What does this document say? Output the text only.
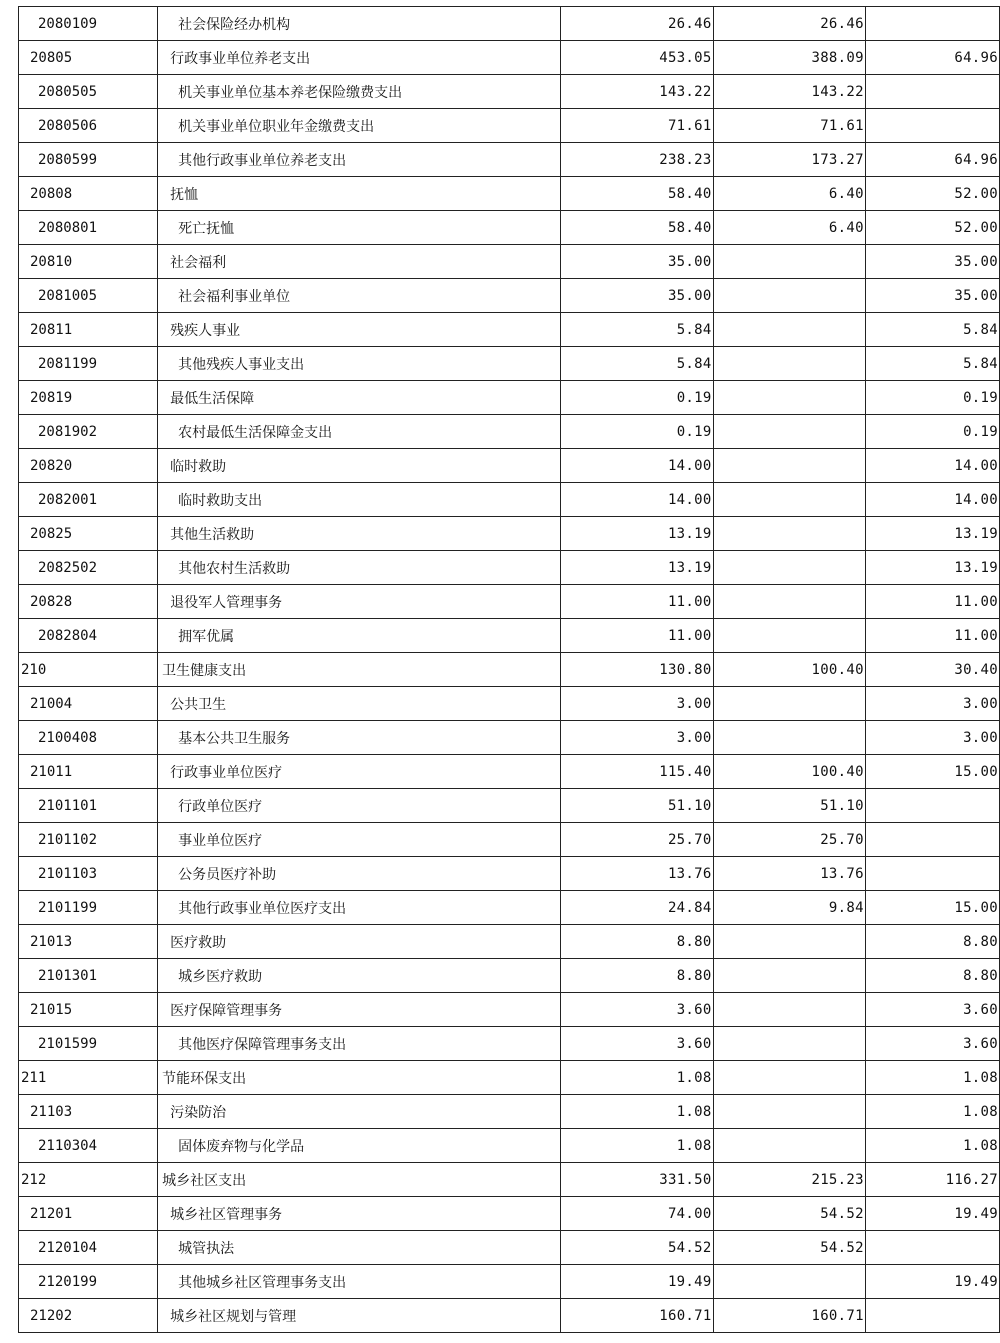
2080109	社会保险经办机构	26.46	26.46	
20805	行政事业单位养老支出	453.05	388.09	64.96
2080505	机关事业单位基本养老保险缴费支出	143.22	143.22	
2080506	机关事业单位职业年金缴费支出	71.61	71.61	
2080599	其他行政事业单位养老支出	238.23	173.27	64.96
20808	抚恤	58.40	6.40	52.00
2080801	死亡抚恤	58.40	6.40	52.00
20810	社会福利	35.00		35.00
2081005	社会福利事业单位	35.00		35.00
20811	残疾人事业	5.84		5.84
2081199	其他残疾人事业支出	5.84		5.84
20819	最低生活保障	0.19		0.19
2081902	农村最低生活保障金支出	0.19		0.19
20820	临时救助	14.00		14.00
2082001	临时救助支出	14.00		14.00
20825	其他生活救助	13.19		13.19
2082502	其他农村生活救助	13.19		13.19
20828	退役军人管理事务	11.00		11.00
2082804	拥军优属	11.00		11.00
210	卫生健康支出	130.80	100.40	30.40
21004	公共卫生	3.00		3.00
2100408	基本公共卫生服务	3.00		3.00
21011	行政事业单位医疗	115.40	100.40	15.00
2101101	行政单位医疗	51.10	51.10	
2101102	事业单位医疗	25.70	25.70	
2101103	公务员医疗补助	13.76	13.76	
2101199	其他行政事业单位医疗支出	24.84	9.84	15.00
21013	医疗救助	8.80		8.80
2101301	城乡医疗救助	8.80		8.80
21015	医疗保障管理事务	3.60		3.60
2101599	其他医疗保障管理事务支出	3.60		3.60
211	节能环保支出	1.08		1.08
21103	污染防治	1.08		1.08
2110304	固体废弃物与化学品	1.08		1.08
212	城乡社区支出	331.50	215.23	116.27
21201	城乡社区管理事务	74.00	54.52	19.49
2120104	城管执法	54.52	54.52	
2120199	其他城乡社区管理事务支出	19.49		19.49
21202	城乡社区规划与管理	160.71	160.71	
